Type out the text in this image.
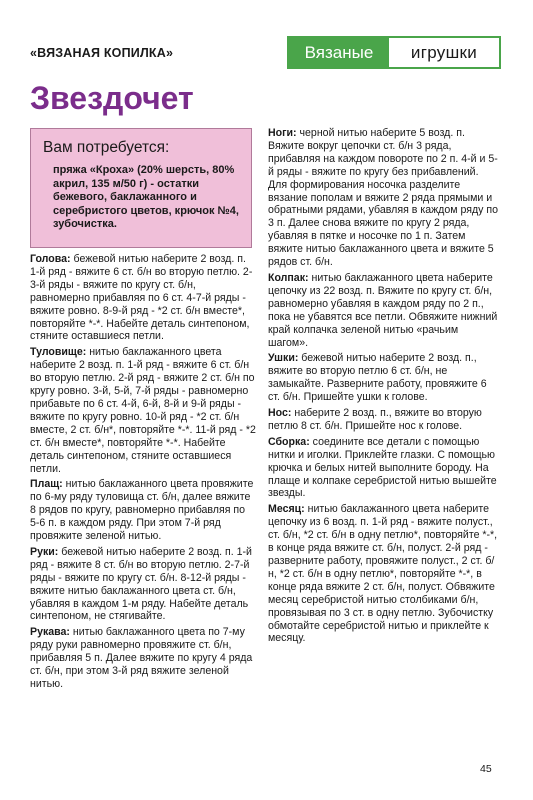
«ВЯЗАНАЯ КОПИЛКА»	Вязаные	игрушки
Звездочет
Вам потребуется:
пряжа «Кроха» (20% шерсть, 80% акрил, 135 м/50 г) - остатки бежевого, баклажанного и серебристого цветов, крючок №4, зубочистка.

Голова: бежевой нитью наберите 2 возд. п. 1-й ряд - вяжите 6 ст. б/н во вторую петлю. 2-3-й ряды - вяжите по кругу ст. б/н, равномерно прибавляя по 6 ст. 4-7-й ряды - вяжите ровно. 8-9-й ряд - *2 ст. б/н вместе*, повторяйте *-*. Набейте деталь синтепоном, стяните оставшиеся петли.

Туловище: нитью баклажанного цвета наберите 2 возд. п. 1-й ряд - вяжите 6 ст. б/н во вторую петлю. 2-й ряд - вяжите 2 ст. б/н по кругу ровно. 3-й, 5-й, 7-й ряды - равномерно прибавьте по 6 ст. 4-й, 6-й, 8-й и 9-й ряды - вяжите по кругу ровно. 10-й ряд - *2 ст. б/н вместе, 2 ст. б/н*, повторяйте *-*. 11-й ряд - *2 ст. б/н вместе*, повторяйте *-*. Набейте деталь синтепоном, стяните оставшиеся петли.

Плащ: нитью баклажанного цвета провяжите по 6-му ряду туловища ст. б/н, далее вяжите 8 рядов по кругу, равномерно прибавляя по 5-6 п. в каждом ряду. При этом 7-й ряд провяжите зеленой нитью.

Руки: бежевой нитью наберите 2 возд. п. 1-й ряд - вяжите 8 ст. б/н во вторую петлю. 2-7-й ряды - вяжите по кругу ст. б/н. 8-12-й ряды - вяжите нитью баклажанного цвета ст. б/н, убавляя в каждом 1-м ряду. Набейте деталь синтепоном, не стягивайте.

Рукава: нитью баклажанного цвета по 7-му ряду руки равномерно провяжите ст. б/н, прибавляя 5 п. Далее вяжите по кругу 4 ряда ст. б/н, при этом 3-й ряд вяжите зеленой нитью.

Ноги: черной нитью наберите 5 возд. п. Вяжите вокруг цепочки ст. б/н 3 ряда, прибавляя на каждом повороте по 2 п. 4-й и 5-й ряды - вяжите по кругу без прибавлений. Для формирования носочка разделите вязание пополам и вяжите 2 ряда прямыми и обратными рядами, убавляя в каждом ряду по 3 п. Далее снова вяжите по кругу 2 ряда, убавляя в пятке и носочке по 1 п. Затем вяжите нитью баклажанного цвета и вяжите 5 рядов ст. б/н.

Колпак: нитью баклажанного цвета наберите цепочку из 22 возд. п. Вяжите по кругу ст. б/н, равномерно убавляя в каждом ряду по 2 п., пока не убавятся все петли. Обвяжите нижний край колпачка зеленой нитью «рачьим шагом».

Ушки: бежевой нитью наберите 2 возд. п., вяжите во вторую петлю 6 ст. б/н, не замыкайте. Разверните работу, провяжите 6 ст. б/н. Пришейте ушки к голове.

Нос: наберите 2 возд. п., вяжите во вторую петлю 8 ст. б/н. Пришейте нос к голове.

Сборка: соедините все детали с помощью нитки и иголки. Приклейте глазки. С помощью крючка и белых нитей выполните бороду. На плаще и колпаке серебристой нитью вышейте звезды.

Месяц: нитью баклажанного цвета наберите цепочку из 6 возд. п. 1-й ряд - вяжите полуст., ст. б/н, *2 ст. б/н в одну петлю*, повторяйте *-*, в конце ряда вяжите ст. б/н, полуст. 2-й ряд - разверните работу, провяжите полуст., 2 ст. б/н, *2 ст. б/н в одну петлю*, повторяйте *-*, в конце ряда вяжите 2 ст. б/н, полуст. Обвяжите месяц серебристой нитью столбиками б/н, провязывая по 3 ст. в одну петлю. Зубочистку обмотайте серебристой нитью и приклейте к месяцу.

45
